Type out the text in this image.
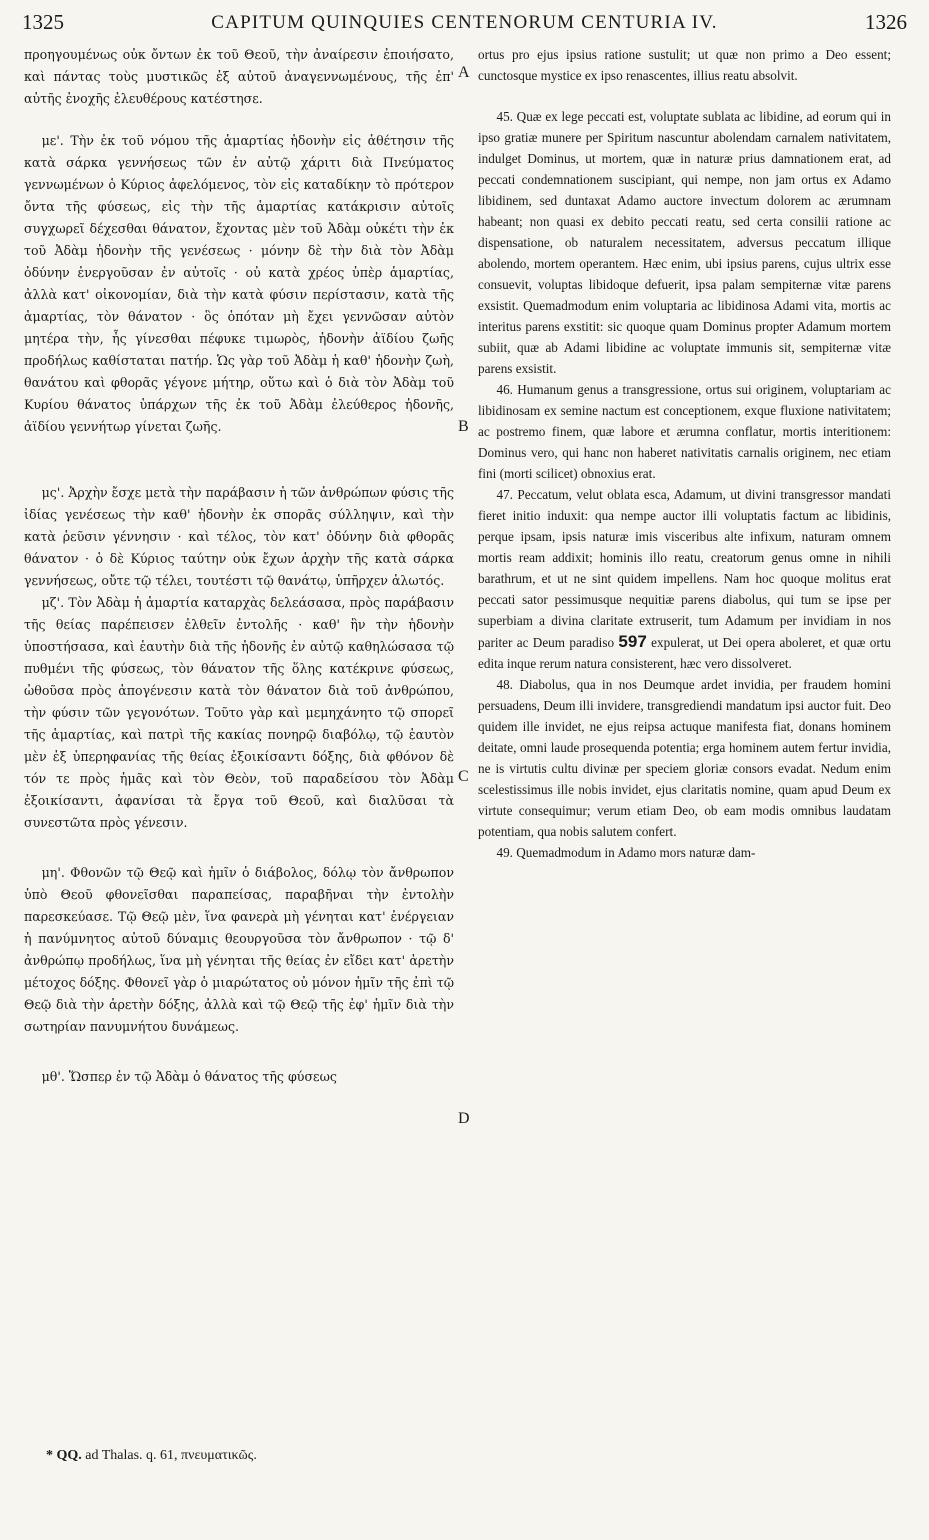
1325	CAPITUM QUINQUIES CENTENORUM CENTURIA IV.	1326
A
B
C
D

προηγουμένως οὐκ ὄντων ἐκ τοῦ Θεοῦ, τὴν ἀναίρεσιν ἐποιήσατο, καὶ πάντας τοὺς μυστικῶς ἐξ αὐτοῦ ἀναγεννωμένους, τῆς ἐπ' αὐτῆς ἐνοχῆς ἐλευθέρους κατέστησε.

με'. Τὴν ἐκ τοῦ νόμου τῆς ἁμαρτίας ἡδονὴν εἰς ἀθέτησιν τῆς κατὰ σάρκα γεννήσεως τῶν ἐν αὐτῷ χάριτι διὰ Πνεύματος γεννωμένων ὁ Κύριος ἀφελόμενος, τὸν εἰς καταδίκην τὸ πρότερον ὄντα τῆς φύσεως, εἰς τὴν τῆς ἁμαρτίας κατάκρισιν αὐτοῖς συγχωρεῖ δέχεσθαι θάνατον, ἔχοντας μὲν τοῦ Ἀδὰμ οὐκέτι τὴν ἐκ τοῦ Ἀδὰμ ἡδονὴν τῆς γενέσεως · μόνην δὲ τὴν διὰ τὸν Ἀδὰμ ὀδύνην ἐνεργοῦσαν ἐν αὐτοῖς · οὐ κατὰ χρέος ὑπὲρ ἁμαρτίας, ἀλλὰ κατ' οἰκονομίαν, διὰ τὴν κατὰ φύσιν περίστασιν, κατὰ τῆς ἁμαρτίας, τὸν θάνατον · ὃς ὁπόταν μὴ ἔχει γεννῶσαν αὐτὸν μητέρα τὴν, ἧς γίνεσθαι πέφυκε τιμωρὸς, ἡδονὴν ἀϊδίου ζωῆς προδήλως καθίσταται πατήρ. Ὡς γὰρ τοῦ Ἀδὰμ ἡ καθ' ἡδονὴν ζωὴ, θανάτου καὶ φθορᾶς γέγονε μήτηρ, οὕτω καὶ ὁ διὰ τὸν Ἀδὰμ τοῦ Κυρίου θάνατος ὑπάρχων τῆς ἐκ τοῦ Ἀδὰμ ἐλεύθερος ἡδονῆς, ἀϊδίου γεννήτωρ γίνεται ζωῆς.

μς'. Ἀρχὴν ἔσχε μετὰ τὴν παράβασιν ἡ τῶν ἀνθρώπων φύσις τῆς ἰδίας γενέσεως τὴν καθ' ἡδονὴν ἐκ σπορᾶς σύλληψιν, καὶ τὴν κατὰ ῥεῦσιν γέννησιν · καὶ τέλος, τὸν κατ' ὀδύνην διὰ φθορᾶς θάνατον · ὁ δὲ Κύριος ταύτην οὐκ ἔχων ἀρχὴν τῆς κατὰ σάρκα γεννήσεως, οὔτε τῷ τέλει, τουτέστι τῷ θανάτῳ, ὑπῆρχεν ἁλωτός.

μζ'. Τὸν Ἀδὰμ ἡ ἁμαρτία καταρχὰς δελεάσασα, πρὸς παράβασιν τῆς θείας παρέπεισεν ἐλθεῖν ἐντολῆς · καθ' ἣν τὴν ἡδονὴν ὑποστήσασα, καὶ ἑαυτὴν διὰ τῆς ἡδονῆς ἐν αὐτῷ καθηλώσασα τῷ πυθμένι τῆς φύσεως, τὸν θάνατον τῆς ὅλης κατέκρινε φύσεως, ὠθοῦσα πρὸς ἀπογένεσιν κατὰ τὸν θάνατον διὰ τοῦ ἀνθρώπου, τὴν φύσιν τῶν γεγονότων. Τοῦτο γὰρ καὶ μεμηχάνητο τῷ σπορεῖ τῆς ἁμαρτίας, καὶ πατρὶ τῆς κακίας πονηρῷ διαβόλῳ, τῷ ἑαυτὸν μὲν ἐξ ὑπερηφανίας τῆς θείας ἐξοικίσαντι δόξης, διὰ φθόνον δὲ τόν τε πρὸς ἡμᾶς καὶ τὸν Θεὸν, τοῦ παραδείσου τὸν Ἀδὰμ ἐξοικίσαντι, ἀφανίσαι τὰ ἔργα τοῦ Θεοῦ, καὶ διαλῦσαι τὰ συνεστῶτα πρὸς γένεσιν.

μη'. Φθονῶν τῷ Θεῷ καὶ ἡμῖν ὁ διάβολος, δόλῳ τὸν ἄνθρωπον ὑπὸ Θεοῦ φθονεῖσθαι παραπείσας, παραβῆναι τὴν ἐντολὴν παρεσκεύασε. Τῷ Θεῷ μὲν, ἵνα φανερὰ μὴ γένηται κατ' ἐνέργειαν ἡ πανύμνητος αὐτοῦ δύναμις θεουργοῦσα τὸν ἄνθρωπον · τῷ δ' ἀνθρώπῳ προδήλως, ἵνα μὴ γένηται τῆς θείας ἐν εἴδει κατ' ἀρετὴν μέτοχος δόξης. Φθονεῖ γὰρ ὁ μιαρώτατος οὐ μόνον ἡμῖν τῆς ἐπὶ τῷ Θεῷ διὰ τὴν ἀρετὴν δόξης, ἀλλὰ καὶ τῷ Θεῷ τῆς ἐφ' ἡμῖν διὰ τὴν σωτηρίαν πανυμνήτου δυνάμεως.

μθ'. Ὥσπερ ἐν τῷ Ἀδὰμ ὁ θάνατος τῆς φύσεως

ortus pro ejus ipsius ratione sustulit; ut quæ non primo a Deo essent; cunctosque mystice ex ipso renascentes, illius reatu absolvit.

45. Quæ ex lege peccati est, voluptate sublata ac libidine, ad eorum qui in ipso gratiæ munere per Spiritum nascuntur abolendam carnalem nativitatem, indulget Dominus, ut mortem, quæ in naturæ prius damnationem erat, ad peccati condemnationem suscipiant, qui nempe, non jam ortus ex Adamo libidinem, sed duntaxat Adamo auctore invectum dolorem ac ærumnam habeant; non quasi ex debito peccati reatu, sed certa consilii ratione ac dispensatione, ob naturalem necessitatem, adversus peccatum illique abolendo, mortem operantem. Hæc enim, ubi ipsius parens, cujus ultrix esse consuevit, voluptas libidoque defuerit, ipsa palam sempiternæ vitæ parens exsistit. Quemadmodum enim voluptaria ac libidinosa Adami vita, mortis ac interitus parens exstitit: sic quoque quam Dominus propter Adamum mortem subiit, quæ ab Adami libidine ac voluptate immunis sit, sempiternæ vitæ parens exsistit.

46. Humanum genus a transgressione, ortus sui originem, voluptariam ac libidinosam ex semine nactum est conceptionem, exque fluxione nativitatem; ac postremo finem, quæ labore et ærumna conflatur, mortis interitionem: Dominus vero, qui hanc non haberet nativitatis carnalis originem, nec etiam fini (morti scilicet) obnoxius erat.

47. Peccatum, velut oblata esca, Adamum, ut divini transgressor mandati fieret initio induxit: qua nempe auctor illi voluptatis factum ac libidinis, perque ipsam, ipsis naturæ imis visceribus alte infixum, naturam omnem mortis ream addixit; hominis illo reatu, creatorum genus omne in nihili barathrum, et ut ne sint quidem impellens. Nam hoc quoque molitus erat peccati sator pessimusque nequitiæ parens diabolus, qui tum se ipse per superbiam a divina claritate extruserit, tum Adamum per invidiam in nos pariter ac Deum paradiso 597 expulerat, ut Dei opera aboleret, et quæ ortu edita inque rerum natura consisterent, hæc vero dissolveret.

48. Diabolus, qua in nos Deumque ardet invidia, per fraudem homini persuadens, Deum illi invidere, transgrediendi mandatum ipsi auctor fuit. Deo quidem ille invidet, ne ejus reipsa actuque manifesta fiat, donans hominem deitate, omni laude prosequenda potentia; erga hominem autem fertur invidia, ne is virtutis cultu divinæ per speciem gloriæ consors evadat. Nedum enim scelestissimus ille nobis invidet, ejus claritatis nomine, quam apud Deum ex virtute consequimur; verum etiam Deo, ob eam modis omnibus laudatam potentiam, qua nobis salutem confert.

49. Quemadmodum in Adamo mors naturæ dam-

* QQ. ad Thalas. q. 61, πνευματικῶς.
